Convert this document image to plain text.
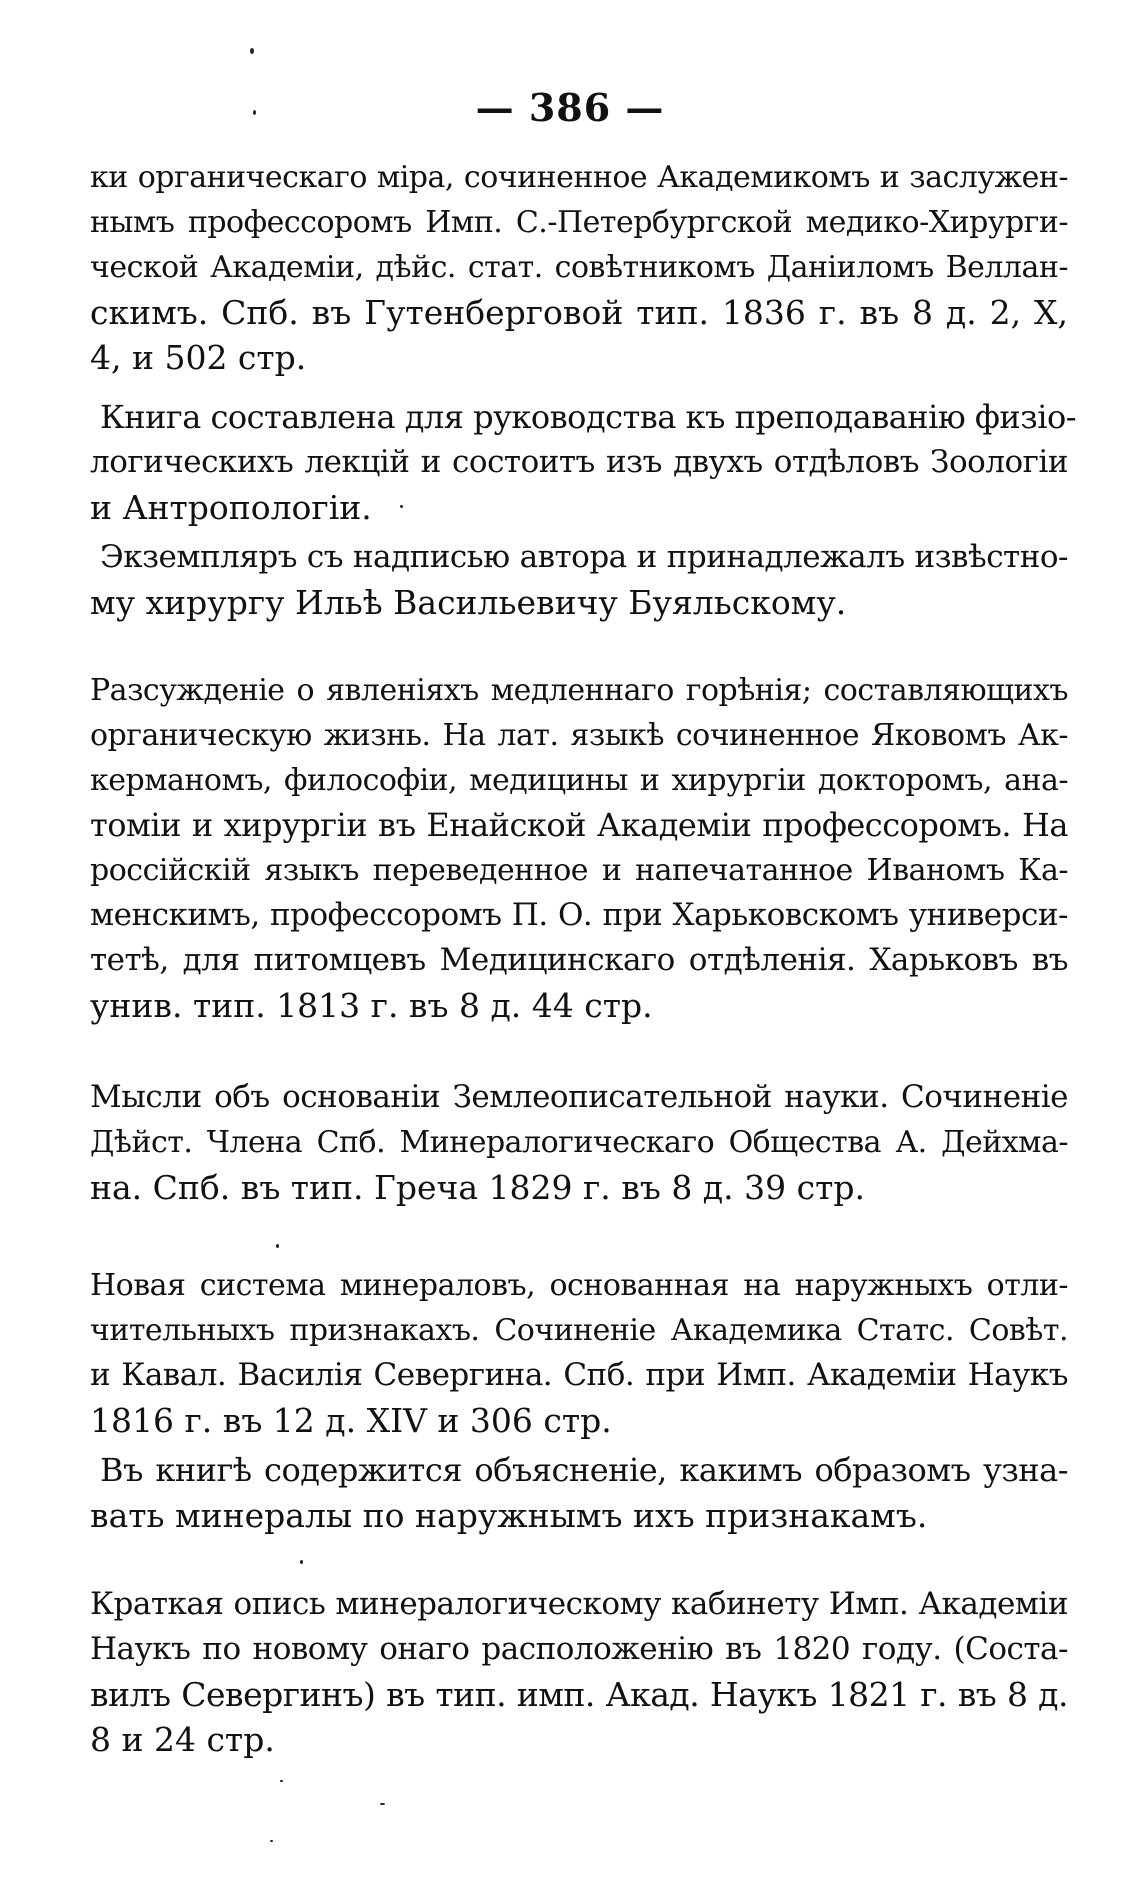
— 386 —
ки органическаго міра, сочиненное Академикомъ и заслужен-
нымъ профессоромъ Имп. С.-Петербургской медико-Хирурги-
ческой Академіи, дѣйс. стат. совѣтникомъ Даніиломъ Веллан-
скимъ. Спб. въ Гутенберговой тип. 1836 г. въ 8 д. 2, X,
4, и 502 стр.
Книга составлена для руководства къ преподаванію физіо-
логическихъ лекцій и состоитъ изъ двухъ отдѣловъ Зоологіи
и Антропологіи.
Экземпляръ съ надписью автора и принадлежалъ извѣстно-
му хирургу Ильѣ Васильевичу Буяльскому.
Разсужденіе о явленіяхъ медленнаго горѣнія; составляющихъ
органическую жизнь. На лат. языкѣ сочиненное Яковомъ Ак-
керманомъ, философіи, медицины и хирургіи докторомъ, ана-
томіи и хирургіи въ Енайской Академіи профессоромъ. На
россійскій языкъ переведенное и напечатанное Иваномъ Ка-
менскимъ, профессоромъ П. О. при Харьковскомъ универси-
тетѣ, для питомцевъ Медицинскаго отдѣленія. Харьковъ въ
унив. тип. 1813 г. въ 8 д. 44 стр.
Мысли объ основаніи Землеописательной науки. Сочиненіе
Дѣйст. Члена Спб. Минералогическаго Общества А. Дейхма-
на. Спб. въ тип. Греча 1829 г. въ 8 д. 39 стр.
Новая система минераловъ, основанная на наружныхъ отли-
чительныхъ признакахъ. Сочиненіе Академика Статс. Совѣт.
и Кавал. Василія Севергина. Спб. при Имп. Академіи Наукъ
1816 г. въ 12 д. XIV и 306 стр.
Въ книгѣ содержится объясненіе, какимъ образомъ узна-
вать минералы по наружнымъ ихъ признакамъ.
Краткая опись минералогическому кабинету Имп. Академіи
Наукъ по новому онаго расположенію въ 1820 году. (Соста-
вилъ Севергинъ) въ тип. имп. Акад. Наукъ 1821 г. въ 8 д.
8 и 24 стр.
